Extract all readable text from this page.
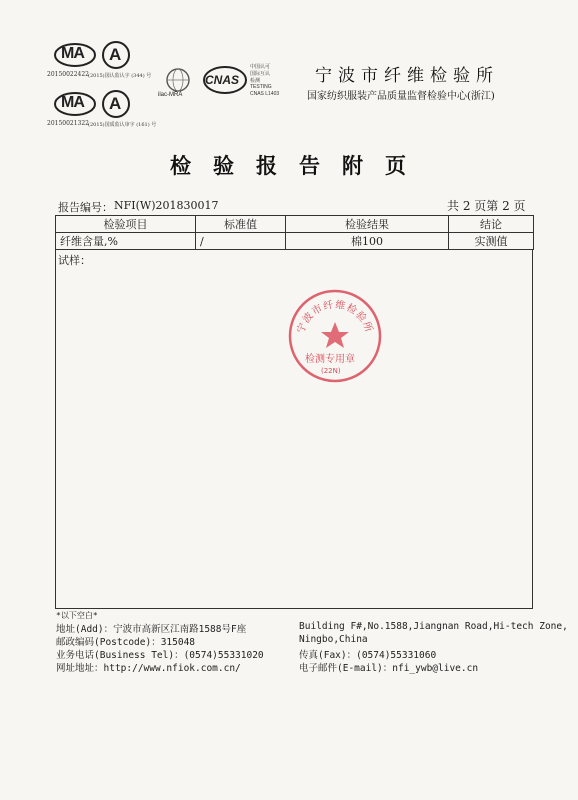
MA A
20150022422 (2015)国认监认字 (344) 号
MA A
20150021322 (2015)国质监认审字 (161) 号
ilac-MRA
CNAS
中国认可
国际互认
检测
TESTING
CNAS L1403
宁波市纤维检验所
国家纺织服装产品质量监督检验中心(浙江)
检验报告附页
报告编号： NFI(W)201830017	共 2 页第 2 页
检验项目	标准值	检验结果	结论
纤维含量,%	/	棉100	实测值
试样：
宁波市纤维检验所
检测专用章
(22N)
*以下空白*
地址(Add)：宁波市高新区江南路1588号F座
邮政编码(Postcode)：315048
业务电话(Business Tel)：(0574)55331020
网址地址：http://www.nfiok.com.cn/
Building F#,No.1588,Jiangnan Road,Hi-tech Zone,
Ningbo,China
传真(Fax)：(0574)55331060
电子邮件(E-mail)：nfi_ywb@live.cn
